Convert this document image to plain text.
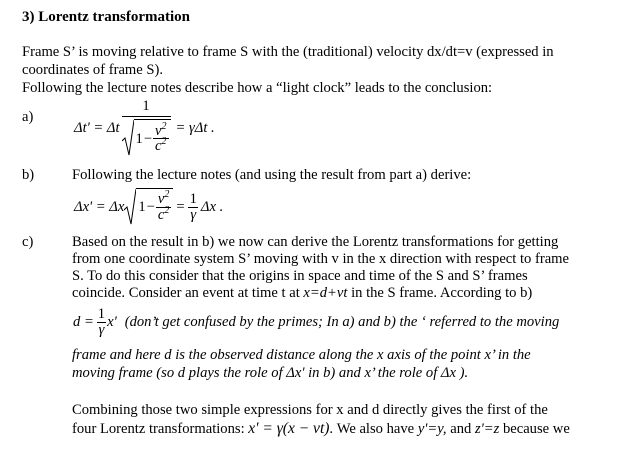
3) Lorentz transformation
Frame S’ is moving relative to frame S with the (traditional) velocity dx/dt=v (expressed in
coordinates of frame S).
Following the lecture notes describe how a “light clock” leads to the conclusion:
a)
Δt' = Δt $\frac{1}{1 - \frac{v^2}{c^2}} = \gamma\Delta t$ .
b)	Following the lecture notes (and using the result from part a) derive:
Δx' = Δx $1 - \frac{v^2}{c^2} = \frac{1}{\gamma}$ Δx .
c)	Based on the result in b) we now can derive the Lorentz transformations for getting
from one coordinate system S’ moving with v in the x direction with respect to frame
S. To do this consider that the origins in space and time of the S and S’ frames
coincide. Consider an event at time t at x=d+vt in the S frame. According to b)
$d = \frac{1}{\gamma} x'$ (don’t get confused by the primes; In a) and b) the ‘ referred to the moving
frame and here d is the observed distance along the x axis of the point x’ in the
moving frame (so d plays the role of Δx' in b) and x’ the role of Δx ).
Combining those two simple expressions for x and d directly gives the first of the
four Lorentz transformations: x' = γ(x − vt). We also have y'=y, and z'=z because we
